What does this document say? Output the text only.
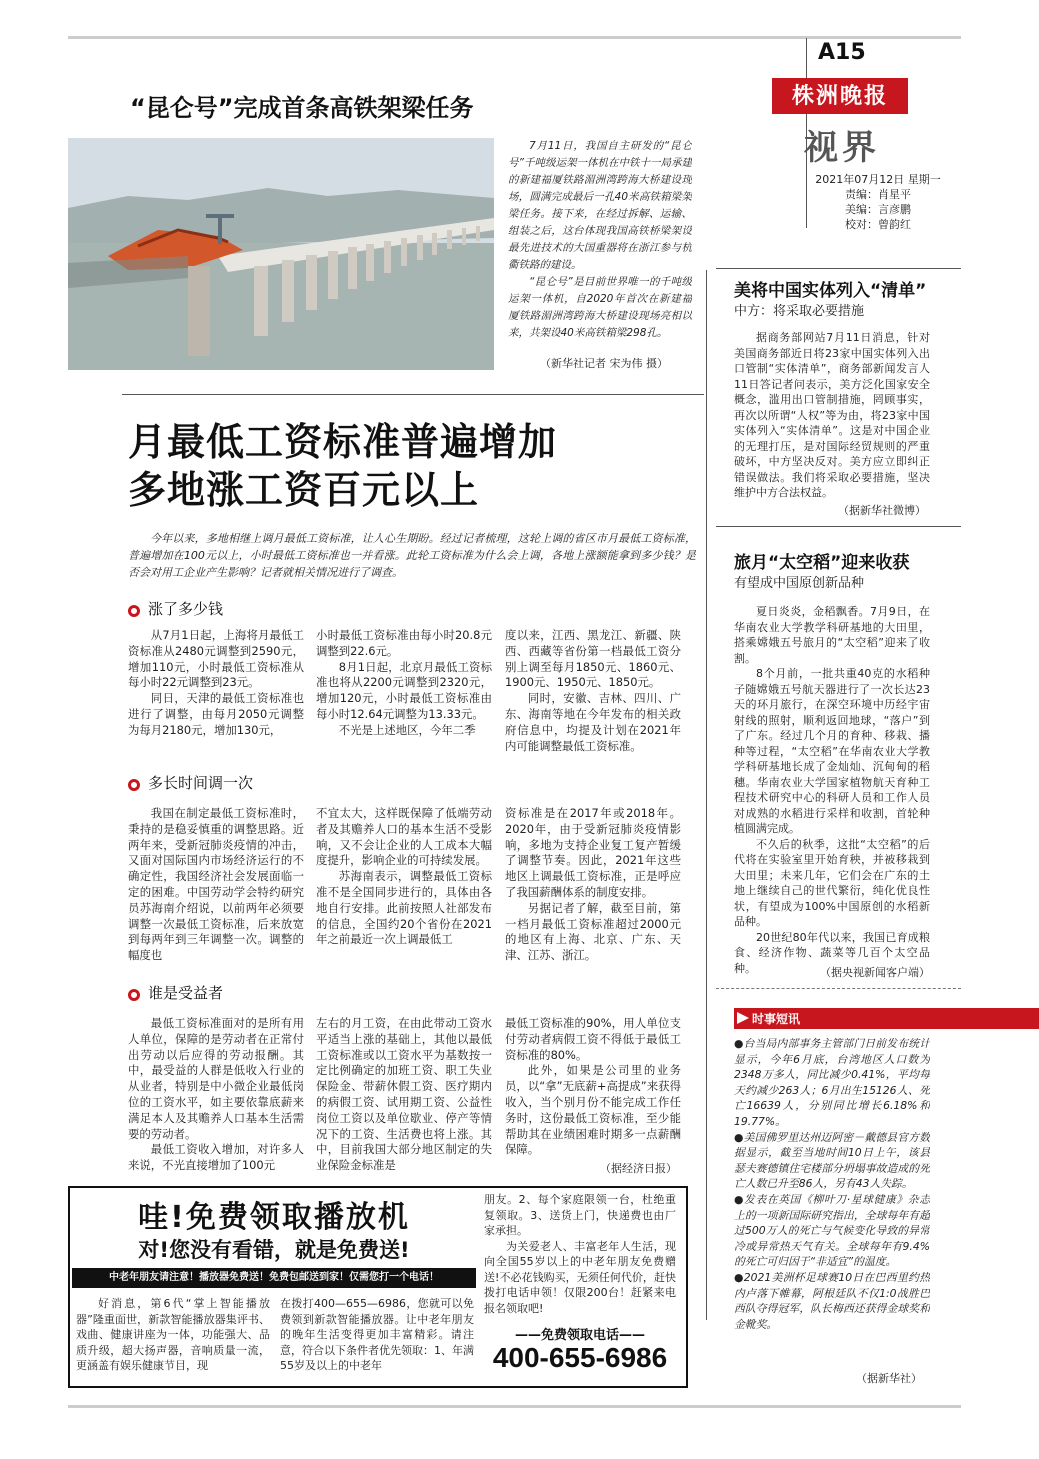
A15
株洲晚报
视界
2021年07月12日 星期一
责编：肖星平
美编：言彦鹏
校对：曾韵红
“昆仑号”完成首条高铁架梁任务
7月11日，我国自主研发的“昆仑号”千吨级运架一体机在中铁十一局承建的新建福厦铁路湄洲湾跨海大桥建设现场，圆满完成最后一孔40米高铁箱梁架梁任务。接下来，在经过拆解、运输、组装之后，这台体现我国高铁桥梁架设最先进技术的大国重器将在浙江参与杭衢铁路的建设。
“昆仑号”是目前世界唯一的千吨级运架一体机，自2020年首次在新建福厦铁路湄洲湾跨海大桥建设现场亮相以来，共架设40米高铁箱梁298孔。
（新华社记者 宋为伟 摄）
月最低工资标准普遍增加
多地涨工资百元以上
今年以来，多地相继上调月最低工资标准，让人心生期盼。经过记者梳理，这轮上调的省区市月最低工资标准，普遍增加在100元以上，小时最低工资标准也一并看涨。此轮工资标准为什么会上调，各地上涨额能拿到多少钱？是否会对用工企业产生影响？记者就相关情况进行了调查。
涨了多少钱

从7月1日起，上海将月最低工资标准从2480元调整到2590元，增加110元，小时最低工资标准从每小时22元调整到23元。

同日，天津的最低工资标准也进行了调整，由每月2050元调整为每月2180元，增加130元，

小时最低工资标准由每小时20.8元调整到22.6元。

8月1日起，北京月最低工资标准也将从2200元调整到2320元，增加120元，小时最低工资标准由每小时12.64元调整为13.33元。

不光是上述地区，今年二季

度以来，江西、黑龙江、新疆、陕西、西藏等省份第一档最低工资分别上调至每月1850元、1860元、1900元、1950元、1850元。

同时，安徽、吉林、四川、广东、海南等地在今年发布的相关政府信息中，均提及计划在2021年内可能调整最低工资标准。

多长时间调一次

我国在制定最低工资标准时，秉持的是稳妥慎重的调整思路。近两年来，受新冠肺炎疫情的冲击，又面对国际国内市场经济运行的不确定性，我国经济社会发展面临一定的困难。中国劳动学会特约研究员苏海南介绍说，以前两年必须要调整一次最低工资标准，后来放宽到每两年到三年调整一次。调整的幅度也

不宜太大，这样既保障了低端劳动者及其赡养人口的基本生活不受影响，又不会让企业的人工成本大幅度提升，影响企业的可持续发展。

苏海南表示，调整最低工资标准不是全国同步进行的，具体由各地自行安排。此前按照人社部发布的信息，全国约20个省份在2021年之前最近一次上调最低工

资标准是在2017年或2018年。2020年，由于受新冠肺炎疫情影响，多地为支持企业复工复产暂缓了调整节奏。因此，2021年这些地区上调最低工资标准，正是呼应了我国薪酬体系的制度安排。

另据记者了解，截至目前，第一档月最低工资标准超过2000元的地区有上海、北京、广东、天津、江苏、浙江。

谁是受益者

最低工资标准面对的是所有用人单位，保障的是劳动者在正常付出劳动以后应得的劳动报酬。其中，最受益的人群是低收入行业的从业者，特别是中小微企业最低岗位的工资水平，如主要依靠底薪来满足本人及其赡养人口基本生活需要的劳动者。

最低工资收入增加，对许多人来说，不光直接增加了100元

左右的月工资，在由此带动工资水平适当上涨的基础上，其他以最低工资标准或以工资水平为基数按一定比例确定的加班工资、职工失业保险金、带薪休假工资、医疗期内的病假工资、试用期工资、公益性岗位工资以及单位歇业、停产等情况下的工资、生活费也将上涨。其中，目前我国大部分地区制定的失业保险金标准是

最低工资标准的90%，用人单位支付劳动者病假工资不得低于最低工资标准的80%。

此外，如果是公司里的业务员，以“拿”无底薪+高提成”来获得收入，当个别月份不能完成工作任务时，这份最低工资标准，至少能帮助其在业绩困难时期多一点薪酬保障。

（据经济日报）
哇!免费领取播放机
对!您没有看错，就是免费送!
中老年朋友请注意！播放器免费送！免费包邮送到家！仅需您打一个电话！

好消息，第6代“掌上智能播放器”隆重面世，新款智能播放器集评书、戏曲、健康讲座为一体，功能强大、品质升级，超大扬声器，音响质量一流，更涵盖有娱乐健康节目，现

在拨打400—655—6986，您就可以免费领到新款智能播放器。让中老年朋友的晚年生活变得更加丰富精彩。请注意，符合以下条件者优先领取：1、年满55岁及以上的中老年

朋友。2、每个家庭限领一台，杜绝重复领取。3、送货上门，快递费也由厂家承担。

为关爱老人、丰富老年人生活，现向全国55岁以上的中老年朋友免费赠送!不必花钱购买，无须任何代价，赶快拨打电话申领！仅限200台！赶紧来电报名领取吧!

——免费领取电话——
400-655-6986
美将中国实体列入“清单”
中方：将采取必要措施

据商务部网站7月11日消息，针对美国商务部近日将23家中国实体列入出口管制“实体清单”，商务部新闻发言人11日答记者问表示，美方泛化国家安全概念，滥用出口管制措施，罔顾事实，再次以所谓“人权”等为由，将23家中国实体列入“实体清单”。这是对中国企业的无理打压，是对国际经贸规则的严重破坏，中方坚决反对。美方应立即纠正错误做法。我们将采取必要措施，坚决维护中方合法权益。

（据新华社微博）
旅月“太空稻”迎来收获
有望成中国原创新品种

夏日炎炎，金稻飘香。7月9日，在华南农业大学教学科研基地的大田里，搭乘嫦娥五号旅月的“太空稻”迎来了收割。

8个月前，一批共重40克的水稻种子随嫦娥五号航天器进行了一次长达23天的环月旅行，在深空环境中历经宇宙射线的照射，顺利返回地球，“落户”到了广东。经过几个月的育种、移栽、播种等过程，“太空稻”在华南农业大学教学科研基地长成了金灿灿、沉甸甸的稻穗。华南农业大学国家植物航天育种工程技术研究中心的科研人员和工作人员对成熟的水稻进行采样和收割，首轮种植圆满完成。

不久后的秋季，这批“太空稻”的后代将在实验室里开始育秧，并被移栽到大田里；未来几年，它们会在广东的土地上继续自己的世代繁衍，纯化优良性状，有望成为100%中国原创的水稻新品种。

20世纪80年代以来，我国已育成粮食、经济作物、蔬菜等几百个太空品种。	（据央视新闻客户端）
时事短讯

●台当局内部事务主管部门日前发布统计显示，今年6月底，台湾地区人口数为2348万多人，同比减少0.41%，平均每天约减少263人；6月出生15126人、死亡16639人，分别同比增长6.18%和19.77%。

●美国佛罗里达州迈阿密－戴德县官方数据显示，截至当地时间10日上午，该县瑟夫赛德镇住宅楼部分坍塌事故造成的死亡人数已升至86人，另有43人失踪。

●发表在英国《柳叶刀·星球健康》杂志上的一项新国际研究指出，全球每年有超过500万人的死亡与气候变化导致的异常冷或异常热天气有关。全球每年有9.4%的死亡可归因于“非适宜”的温度。

●2021美洲杯足球赛10日在巴西里约热内卢落下帷幕，阿根廷队不仅1:0战胜巴西队夺得冠军，队长梅西还获得金球奖和金靴奖。

（据新华社）
